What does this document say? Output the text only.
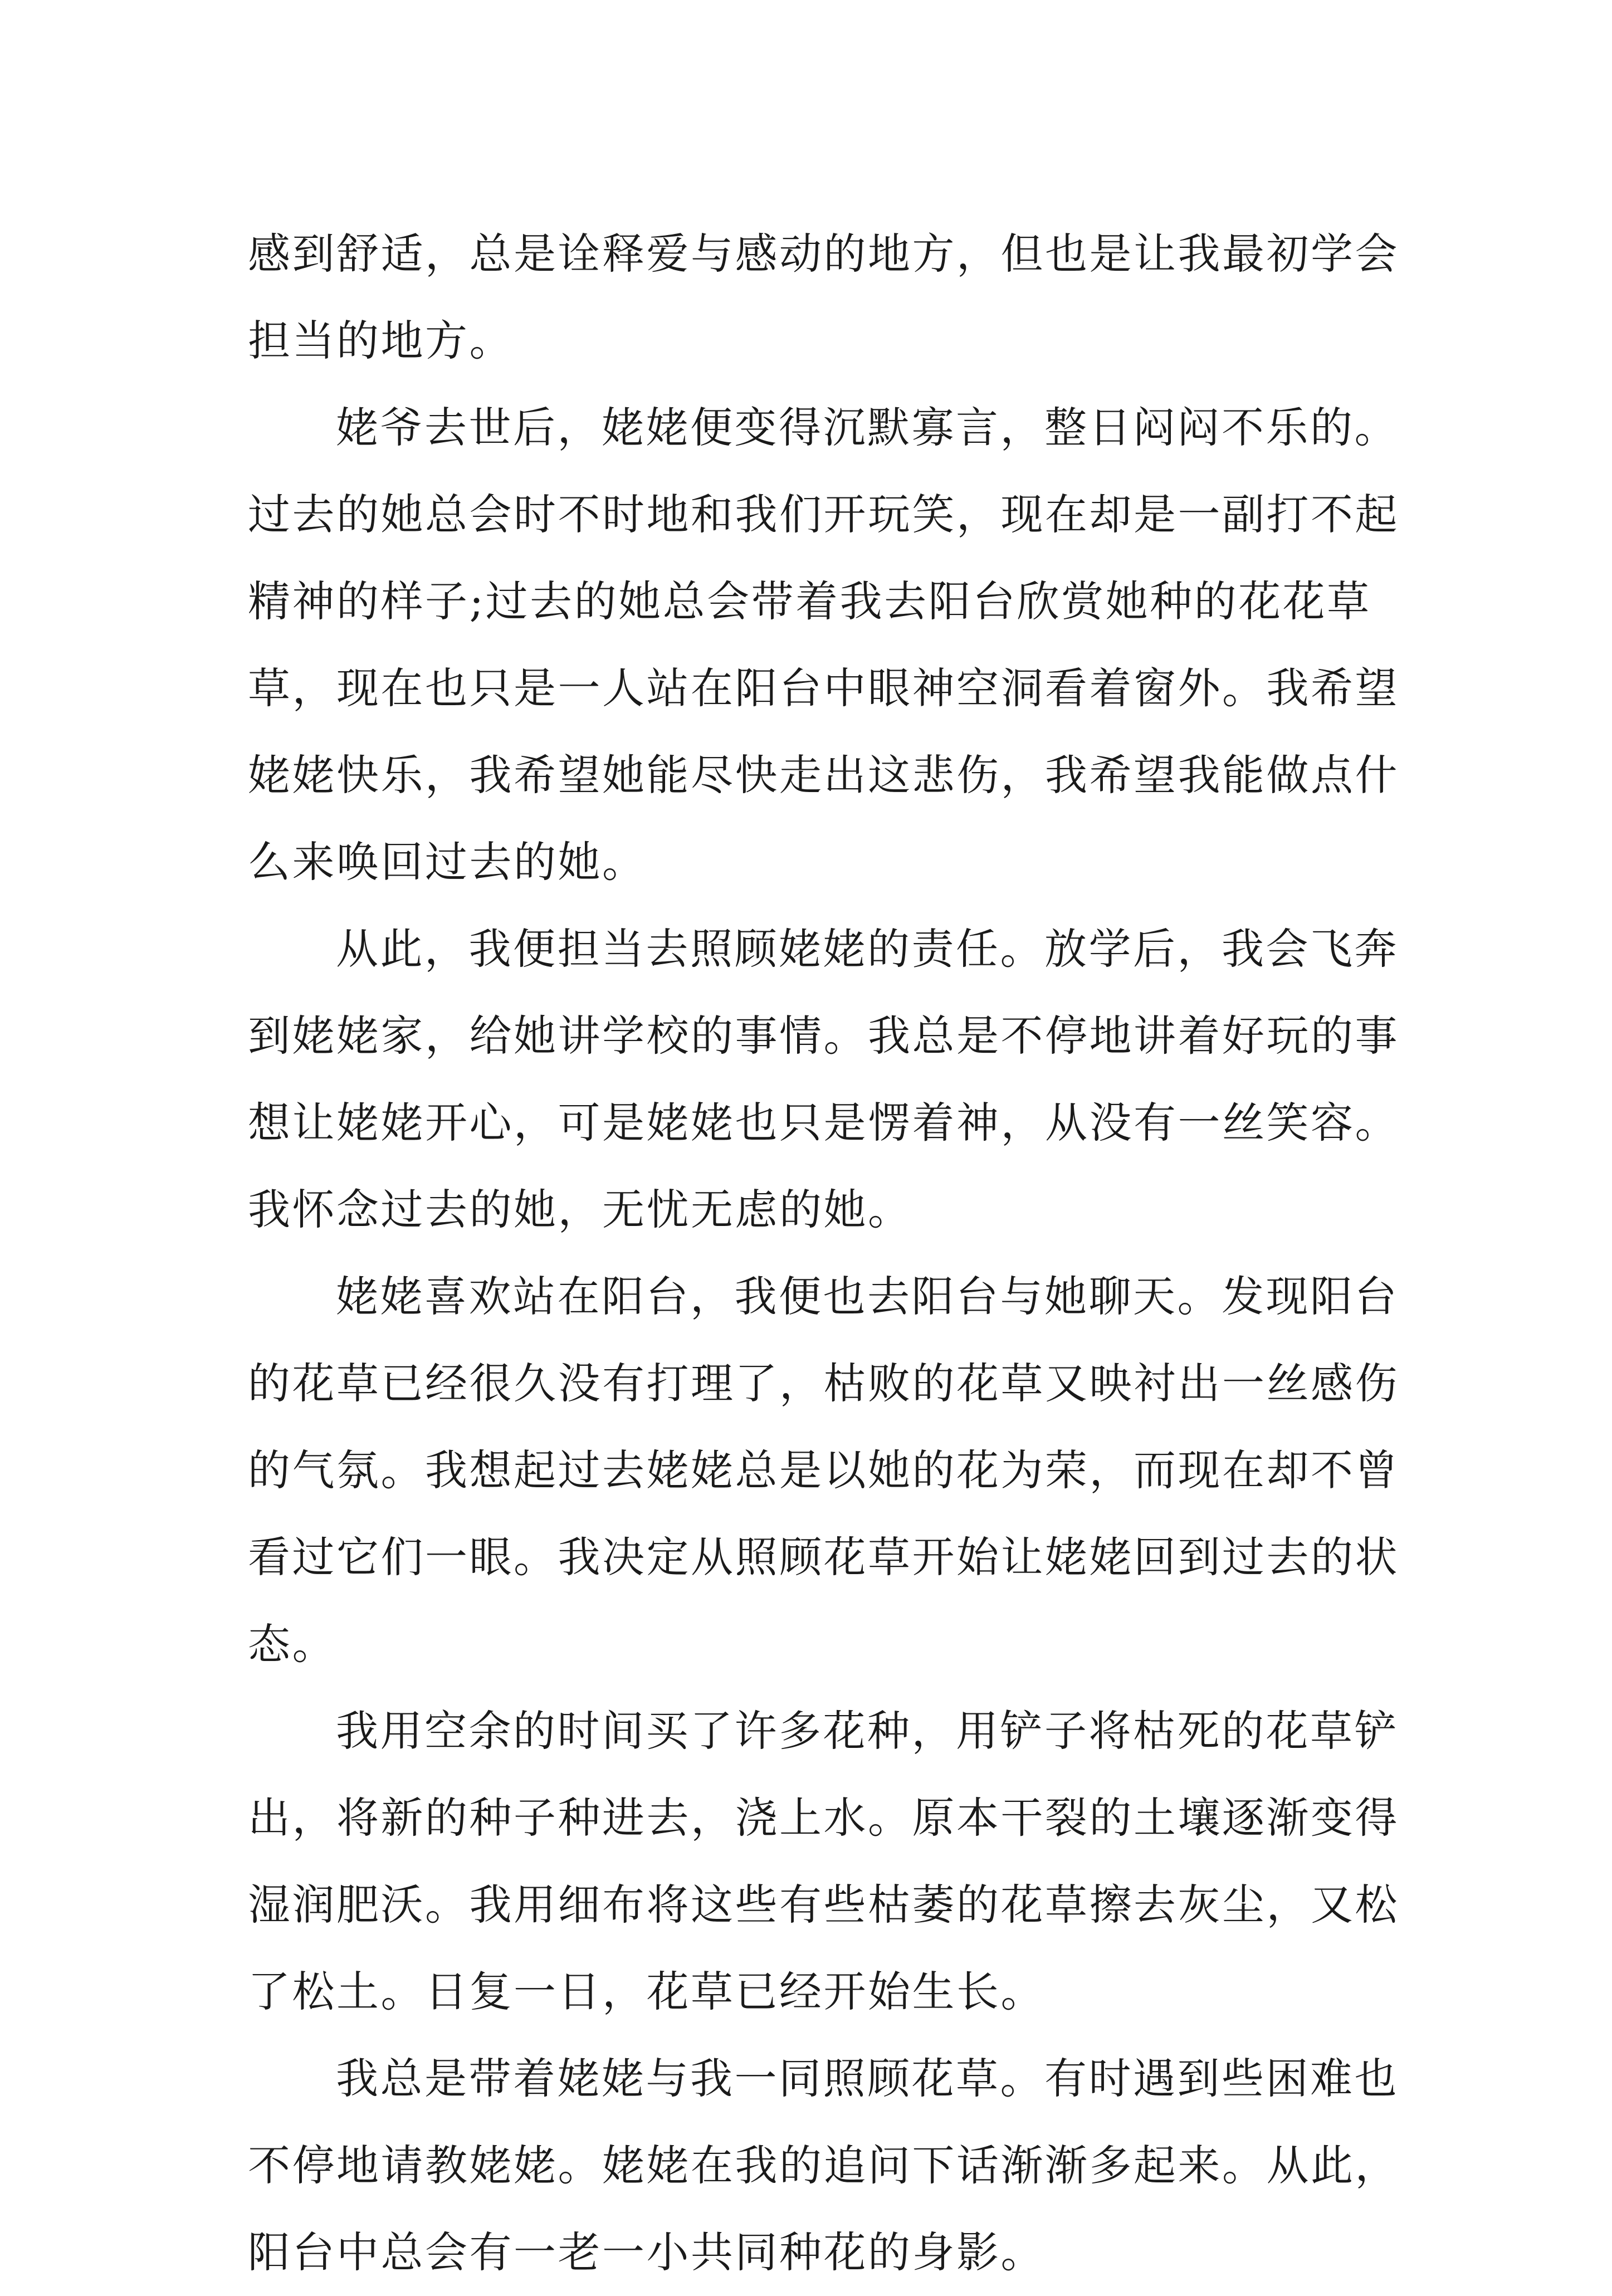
感到舒适，总是诠释爱与感动的地方，但也是让我最初学会
担当的地方。
姥爷去世后，姥姥便变得沉默寡言，整日闷闷不乐的。
过去的她总会时不时地和我们开玩笑，现在却是一副打不起
精神的样子;过去的她总会带着我去阳台欣赏她种的花花草
草，现在也只是一人站在阳台中眼神空洞看着窗外。我希望
姥姥快乐，我希望她能尽快走出这悲伤，我希望我能做点什
么来唤回过去的她。
从此，我便担当去照顾姥姥的责任。放学后，我会飞奔
到姥姥家，给她讲学校的事情。我总是不停地讲着好玩的事
想让姥姥开心，可是姥姥也只是愣着神，从没有一丝笑容。
我怀念过去的她，无忧无虑的她。
姥姥喜欢站在阳台，我便也去阳台与她聊天。发现阳台
的花草已经很久没有打理了，枯败的花草又映衬出一丝感伤
的气氛。我想起过去姥姥总是以她的花为荣，而现在却不曾
看过它们一眼。我决定从照顾花草开始让姥姥回到过去的状
态。
我用空余的时间买了许多花种，用铲子将枯死的花草铲
出，将新的种子种进去，浇上水。原本干裂的土壤逐渐变得
湿润肥沃。我用细布将这些有些枯萎的花草擦去灰尘，又松
了松土。日复一日，花草已经开始生长。
我总是带着姥姥与我一同照顾花草。有时遇到些困难也
不停地请教姥姥。姥姥在我的追问下话渐渐多起来。从此，
阳台中总会有一老一小共同种花的身影。
